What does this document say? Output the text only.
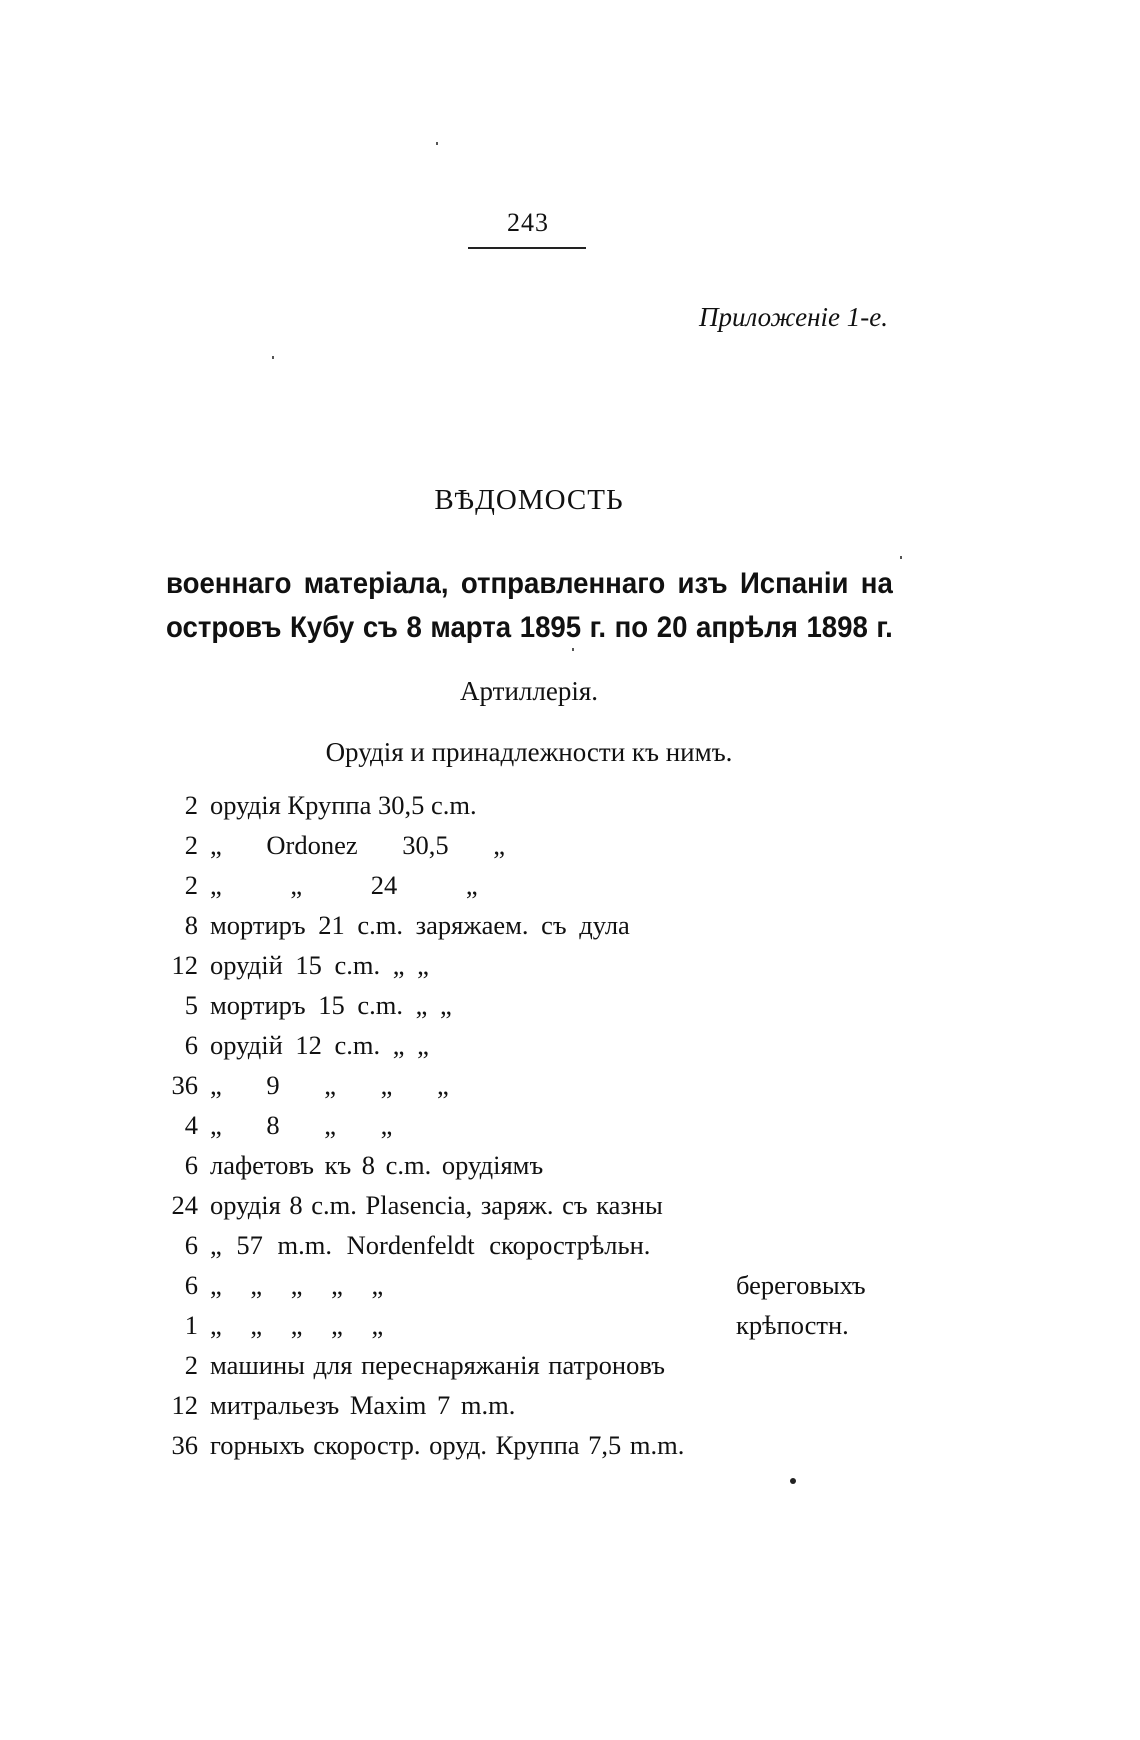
243
Приложеніе 1-е.
ВѢДОМОСТЬ
военнаго матеріала, отправленнаго изъ Испаніи на
островъ Кубу съ 8 марта 1895 г. по 20 апрѣля 1898 г.
Артиллерія.
Орудія и принадлежности къ нимъ.
2 орудія Круппа 30,5 c.m.
2 „ Ordonez 30,5 „
2 „ „ 24 „
8 мортиръ 21 c.m. заряжаем. съ дула
12 орудій 15 c.m. „ „
5 мортиръ 15 c.m. „ „
6 орудій 12 c.m. „ „
36 „ 9 „ „ „
4 „ 8 „ „
6 лафетовъ къ 8 c.m. орудіямъ
24 орудія 8 c.m. Plasencia, заряж. съ казны
6 „ 57 m.m. Nordenfeldt скорострѣльн.
6 „ „ „ „ „	береговыхъ
1 „ „ „ „ „	крѣпостн.
2 машины для переснаряжанія патроновъ
12 митральезъ Maxim 7 m.m.
36 горныхъ скоростр. оруд. Круппа 7,5 m.m.
